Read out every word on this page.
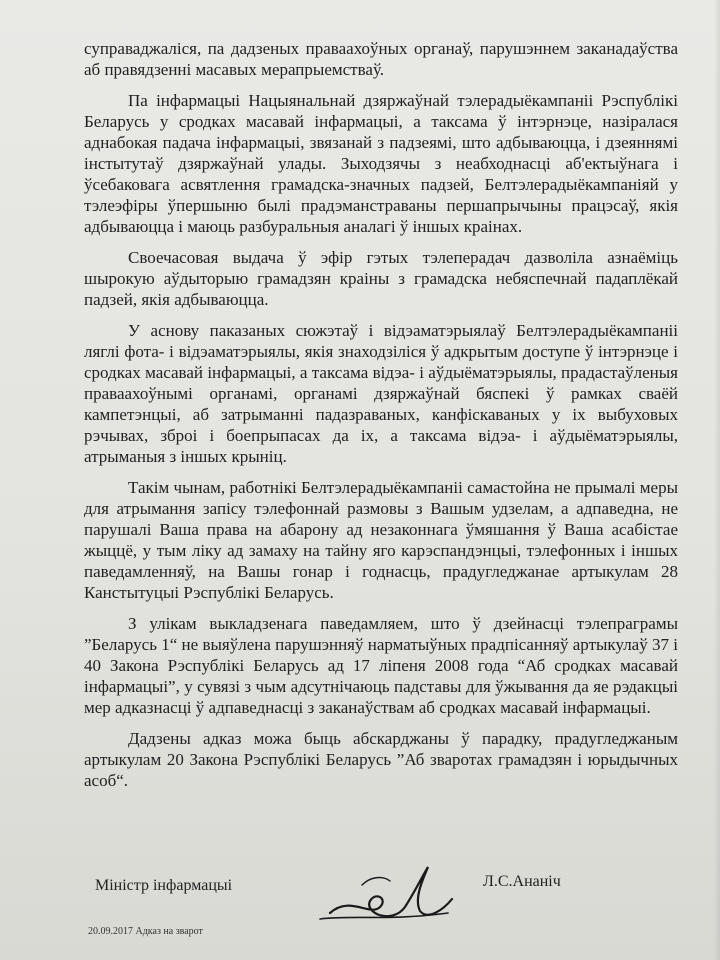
суправаджаліся, па дадзеных праваахоўных органаў, парушэннем заканадаўства аб правядзенні масавых мерапрыемстваў.

Па інфармацыі Нацыянальнай дзяржаўнай тэлерадыёкампаніі Рэспублікі Беларусь у сродках масавай інфармацыі, а таксама ў інтэрнэце, назіралася аднабокая падача інфармацыі, звязанай з падзеямі, што адбываюцца, і дзеяннямі інстытутаў дзяржаўнай улады. Зыходзячы з неабходнасці аб'ектыўнага і ўсебаковага асвятлення грамадска-значных падзей, Белтэлерадыёкампаніяй у тэлеэфіры ўпершыню былі прадэманстраваны першапрычыны працэсаў, якія адбываюцца і маюць разбуральныя аналагі ў іншых краінах.

Своечасовая выдача ў эфір гэтых тэлеперадач дазволіла азнаёміць шырокую аўдыторыю грамадзян краіны з грамадска небяспечнай падаплёкай падзей, якія адбываюцца.

У аснову паказаных сюжэтаў і відэаматэрыялаў Белтэлерадыёкампаніі ляглі фота- і відэаматэрыялы, якія знаходзіліся ў адкрытым доступе ў інтэрнэце і сродках масавай інфармацыі, а таксама відэа- і аўдыёматэрыялы, прадастаўленыя праваахоўнымі органамі, органамі дзяржаўнай бяспекі ў рамках сваёй кампетэнцыі, аб затрыманні падазраваных, канфіскаваных у іх выбуховых рэчывах, зброі і боепрыпасах да іх, а таксама відэа- і аўдыёматэрыялы, атрыманыя з іншых крыніц.

Такім чынам, работнікі Белтэлерадыёкампаніі самастойна не прымалі меры для атрымання запісу тэлефоннай размовы з Вашым удзелам, а адпаведна, не парушалі Ваша права на абарону ад незаконнага ўмяшання ў Ваша асабістае жыццё, у тым ліку ад замаху на тайну яго карэспандэнцыі, тэлефонных і іншых паведамленняў, на Вашы гонар і годнасць, прадугледжанае артыкулам 28 Канстытуцыі Рэспублікі Беларусь.

З улікам выкладзенага паведамляем, што ў дзейнасці тэлепраграмы ”Беларусь 1“ не выяўлена парушэнняў нарматыўных прадпісанняў артыкулаў 37 і 40 Закона Рэспублікі Беларусь ад 17 ліпеня 2008 года “Аб сродках масавай інфармацыі”, у сувязі з чым адсутнічаюць падставы для ўжывання да яе рэдакцыі мер адказнасці ў адпаведнасці з заканаўствам аб сродках масавай інфармацыі.

Дадзены адказ можа быць абскарджаны ў парадку, прадугледжаным артыкулам 20 Закона Рэспублікі Беларусь ”Аб зваротах грамадзян і юрыдычных асоб“.

Міністр інфармацыі	Л.С.Ананіч
20.09.2017 Адказ на зварот
